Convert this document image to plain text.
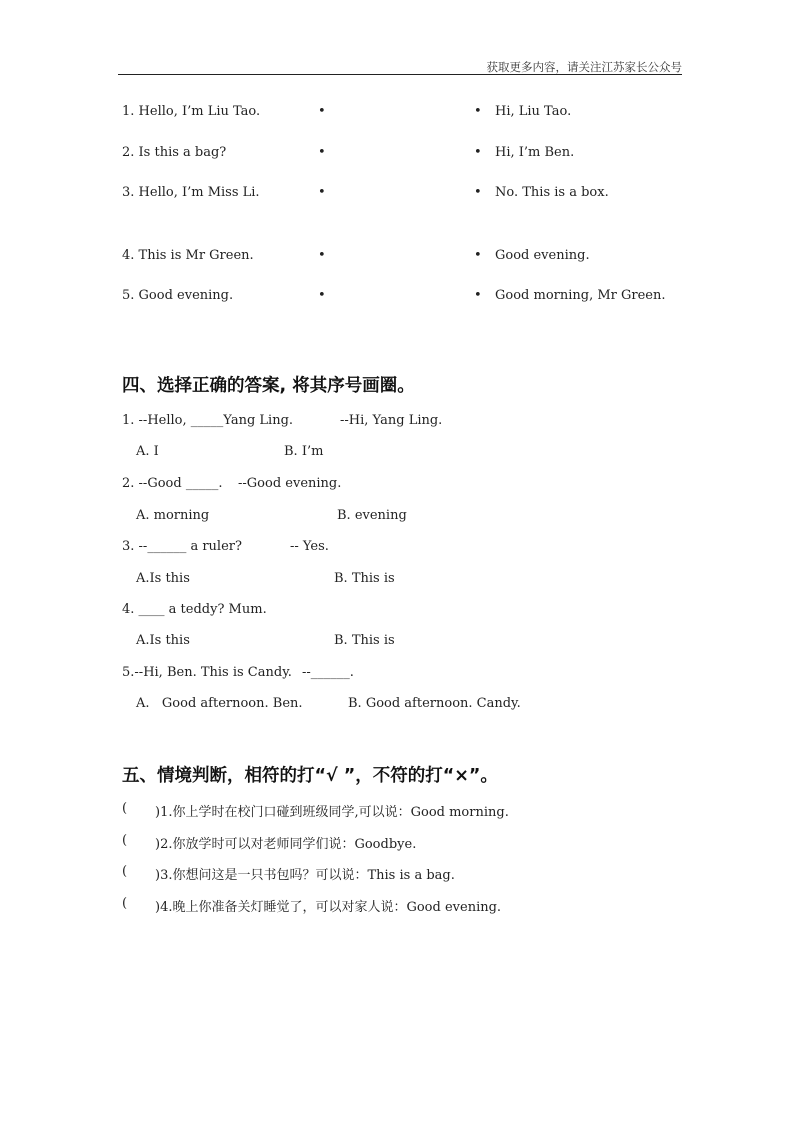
获取更多内容，请关注江苏家长公众号
1. Hello, I’m Liu Tao.	•	• Hi, Liu Tao.
2. Is this a bag?	•	• Hi, I’m Ben.
3. Hello, I’m Miss Li.	•	• No. This is a box.
4. This is Mr Green.	•	• Good evening.
5. Good evening.	•	• Good morning, Mr Green.
四、选择正确的答案, 将其序号画圈。
1. --Hello, _____Yang Ling.	--Hi, Yang Ling.
A. I	B. I’m
2. --Good _____. --Good evening.
A. morning	B. evening
3. --______ a ruler?	-- Yes.
A.Is this	B. This is
4. ____ a teddy? Mum.
A.Is this	B. This is
5.--Hi, Ben. This is Candy. --______.
A.   Good afternoon. Ben.	B. Good afternoon. Candy.
五、情境判断，相符的打“√ ”，不符的打“×”。
( )1.你上学时在校门口碰到班级同学,可以说：Good morning.
( )2.你放学时可以对老师同学们说：Goodbye.
( )3.你想问这是一只书包吗？可以说：This is a bag.
( )4.晚上你准备关灯睡觉了，可以对家人说：Good evening.
